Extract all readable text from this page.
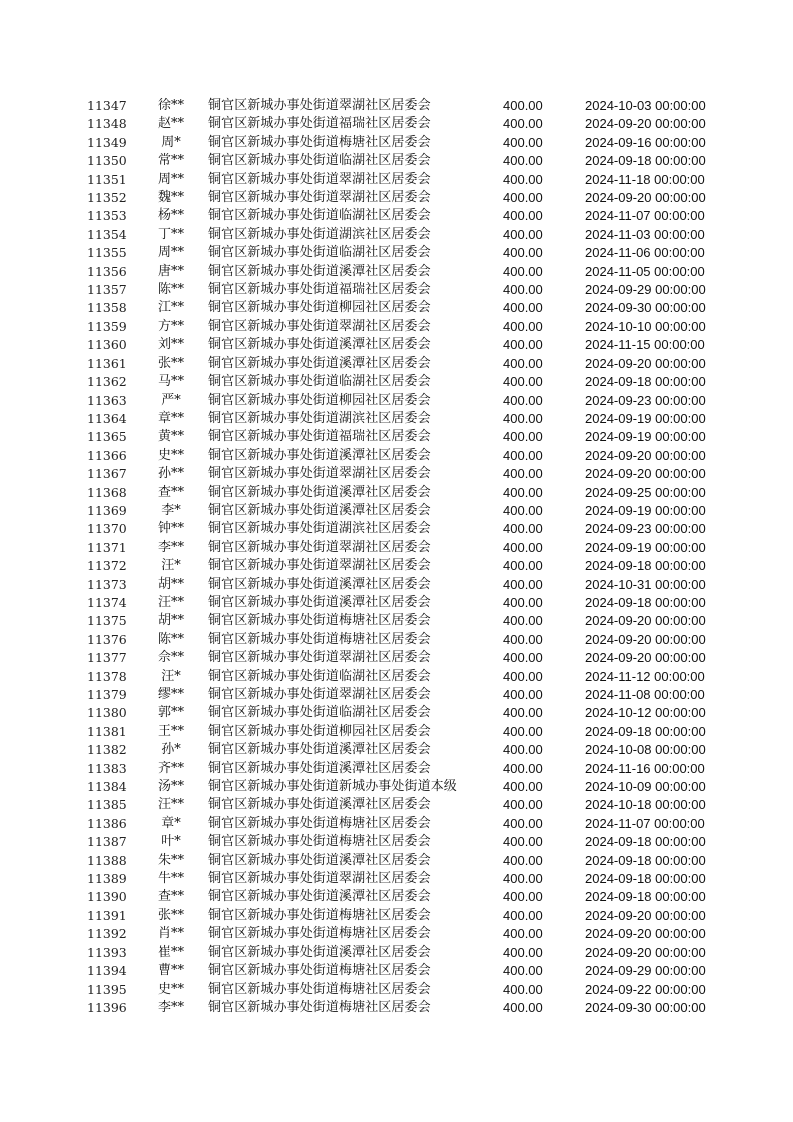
11347	徐**	铜官区新城办事处街道翠湖社区居委会	400.00	2024-10-03 00:00:00
11348	赵**	铜官区新城办事处街道福瑞社区居委会	400.00	2024-09-20 00:00:00
11349	周*	铜官区新城办事处街道梅塘社区居委会	400.00	2024-09-16 00:00:00
11350	常**	铜官区新城办事处街道临湖社区居委会	400.00	2024-09-18 00:00:00
11351	周**	铜官区新城办事处街道翠湖社区居委会	400.00	2024-11-18 00:00:00
11352	魏**	铜官区新城办事处街道翠湖社区居委会	400.00	2024-09-20 00:00:00
11353	杨**	铜官区新城办事处街道临湖社区居委会	400.00	2024-11-07 00:00:00
11354	丁**	铜官区新城办事处街道湖滨社区居委会	400.00	2024-11-03 00:00:00
11355	周**	铜官区新城办事处街道临湖社区居委会	400.00	2024-11-06 00:00:00
11356	唐**	铜官区新城办事处街道溪潭社区居委会	400.00	2024-11-05 00:00:00
11357	陈**	铜官区新城办事处街道福瑞社区居委会	400.00	2024-09-29 00:00:00
11358	江**	铜官区新城办事处街道柳园社区居委会	400.00	2024-09-30 00:00:00
11359	方**	铜官区新城办事处街道翠湖社区居委会	400.00	2024-10-10 00:00:00
11360	刘**	铜官区新城办事处街道溪潭社区居委会	400.00	2024-11-15 00:00:00
11361	张**	铜官区新城办事处街道溪潭社区居委会	400.00	2024-09-20 00:00:00
11362	马**	铜官区新城办事处街道临湖社区居委会	400.00	2024-09-18 00:00:00
11363	严*	铜官区新城办事处街道柳园社区居委会	400.00	2024-09-23 00:00:00
11364	章**	铜官区新城办事处街道湖滨社区居委会	400.00	2024-09-19 00:00:00
11365	黄**	铜官区新城办事处街道福瑞社区居委会	400.00	2024-09-19 00:00:00
11366	史**	铜官区新城办事处街道溪潭社区居委会	400.00	2024-09-20 00:00:00
11367	孙**	铜官区新城办事处街道翠湖社区居委会	400.00	2024-09-20 00:00:00
11368	查**	铜官区新城办事处街道溪潭社区居委会	400.00	2024-09-25 00:00:00
11369	李*	铜官区新城办事处街道溪潭社区居委会	400.00	2024-09-19 00:00:00
11370	钟**	铜官区新城办事处街道湖滨社区居委会	400.00	2024-09-23 00:00:00
11371	李**	铜官区新城办事处街道翠湖社区居委会	400.00	2024-09-19 00:00:00
11372	汪*	铜官区新城办事处街道翠湖社区居委会	400.00	2024-09-18 00:00:00
11373	胡**	铜官区新城办事处街道溪潭社区居委会	400.00	2024-10-31 00:00:00
11374	汪**	铜官区新城办事处街道溪潭社区居委会	400.00	2024-09-18 00:00:00
11375	胡**	铜官区新城办事处街道梅塘社区居委会	400.00	2024-09-20 00:00:00
11376	陈**	铜官区新城办事处街道梅塘社区居委会	400.00	2024-09-20 00:00:00
11377	佘**	铜官区新城办事处街道翠湖社区居委会	400.00	2024-09-20 00:00:00
11378	汪*	铜官区新城办事处街道临湖社区居委会	400.00	2024-11-12 00:00:00
11379	缪**	铜官区新城办事处街道翠湖社区居委会	400.00	2024-11-08 00:00:00
11380	郭**	铜官区新城办事处街道临湖社区居委会	400.00	2024-10-12 00:00:00
11381	王**	铜官区新城办事处街道柳园社区居委会	400.00	2024-09-18 00:00:00
11382	孙*	铜官区新城办事处街道溪潭社区居委会	400.00	2024-10-08 00:00:00
11383	齐**	铜官区新城办事处街道溪潭社区居委会	400.00	2024-11-16 00:00:00
11384	汤**	铜官区新城办事处街道新城办事处街道本级	400.00	2024-10-09 00:00:00
11385	汪**	铜官区新城办事处街道溪潭社区居委会	400.00	2024-10-18 00:00:00
11386	章*	铜官区新城办事处街道梅塘社区居委会	400.00	2024-11-07 00:00:00
11387	叶*	铜官区新城办事处街道梅塘社区居委会	400.00	2024-09-18 00:00:00
11388	朱**	铜官区新城办事处街道溪潭社区居委会	400.00	2024-09-18 00:00:00
11389	牛**	铜官区新城办事处街道翠湖社区居委会	400.00	2024-09-18 00:00:00
11390	查**	铜官区新城办事处街道溪潭社区居委会	400.00	2024-09-18 00:00:00
11391	张**	铜官区新城办事处街道梅塘社区居委会	400.00	2024-09-20 00:00:00
11392	肖**	铜官区新城办事处街道梅塘社区居委会	400.00	2024-09-20 00:00:00
11393	崔**	铜官区新城办事处街道溪潭社区居委会	400.00	2024-09-20 00:00:00
11394	曹**	铜官区新城办事处街道梅塘社区居委会	400.00	2024-09-29 00:00:00
11395	史**	铜官区新城办事处街道梅塘社区居委会	400.00	2024-09-22 00:00:00
11396	李**	铜官区新城办事处街道梅塘社区居委会	400.00	2024-09-30 00:00:00
